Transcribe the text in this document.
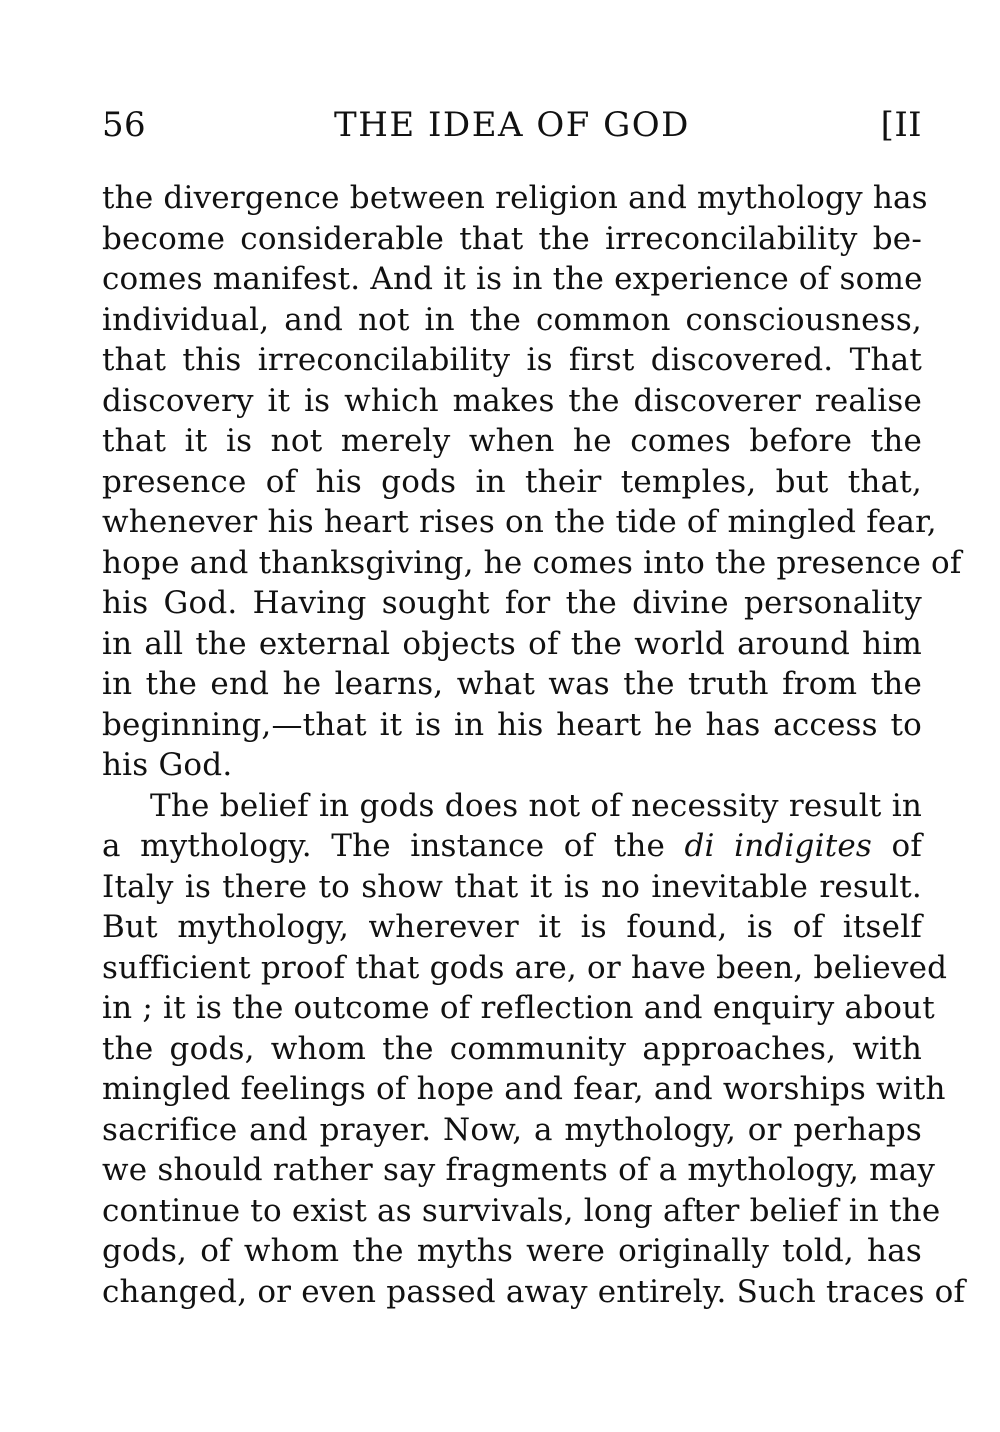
56	THE IDEA OF GOD	[II
the divergence between religion and mythology has
become considerable that the irreconcilability be-
comes manifest. And it is in the experience of some
individual, and not in the common consciousness,
that this irreconcilability is first discovered. That
discovery it is which makes the discoverer realise
that it is not merely when he comes before the
presence of his gods in their temples, but that,
whenever his heart rises on the tide of mingled fear,
hope and thanksgiving, he comes into the presence of
his God. Having sought for the divine personality
in all the external objects of the world around him
in the end he learns, what was the truth from the
beginning,—that it is in his heart he has access to
his God.
The belief in gods does not of necessity result in
a mythology. The instance of the di indigites of
Italy is there to show that it is no inevitable result.
But mythology, wherever it is found, is of itself
sufficient proof that gods are, or have been, believed
in ; it is the outcome of reflection and enquiry about
the gods, whom the community approaches, with
mingled feelings of hope and fear, and worships with
sacrifice and prayer. Now, a mythology, or perhaps
we should rather say fragments of a mythology, may
continue to exist as survivals, long after belief in the
gods, of whom the myths were originally told, has
changed, or even passed away entirely. Such traces of
